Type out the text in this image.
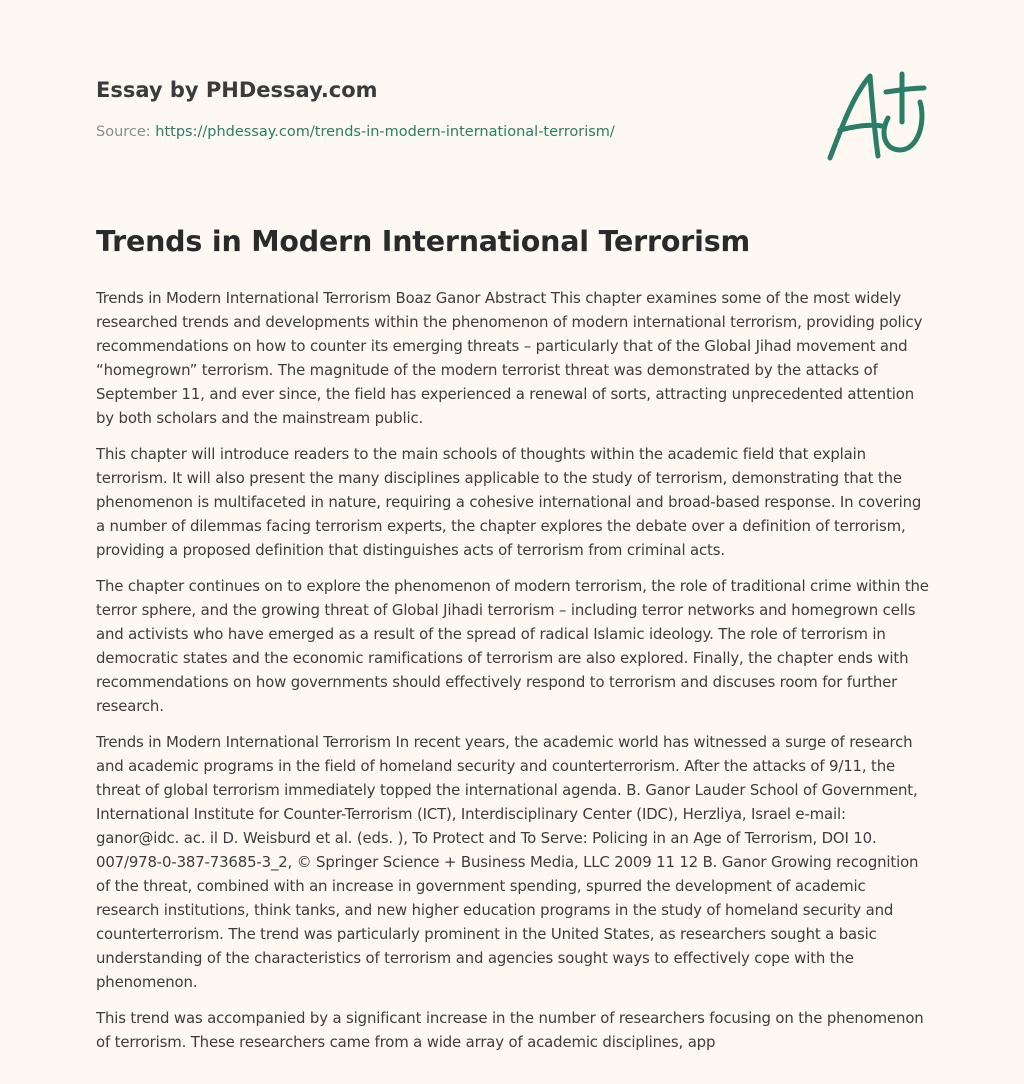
Essay by PHDessay.com
Source: https://phdessay.com/trends-in-modern-international-terrorism/
Trends in Modern International Terrorism

Trends in Modern International Terrorism Boaz Ganor Abstract This chapter examines some of the most widely researched trends and developments within the phenomenon of modern international terrorism, providing policy recommendations on how to counter its emerging threats – particularly that of the Global Jihad movement and “homegrown” terrorism. The magnitude of the modern terrorist threat was demonstrated by the attacks of September 11, and ever since, the field has experienced a renewal of sorts, attracting unprecedented attention by both scholars and the mainstream public.

This chapter will introduce readers to the main schools of thoughts within the academic field that explain terrorism. It will also present the many disciplines applicable to the study of terrorism, demonstrating that the phenomenon is multifaceted in nature, requiring a cohesive international and broad-based response. In covering a number of dilemmas facing terrorism experts, the chapter explores the debate over a definition of terrorism, providing a proposed definition that distinguishes acts of terrorism from criminal acts.

The chapter continues on to explore the phenomenon of modern terrorism, the role of traditional crime within the terror sphere, and the growing threat of Global Jihadi terrorism – including terror networks and homegrown cells and activists who have emerged as a result of the spread of radical Islamic ideology. The role of terrorism in democratic states and the economic ramifications of terrorism are also explored. Finally, the chapter ends with recommendations on how governments should effectively respond to terrorism and discuses room for further research.

Trends in Modern International Terrorism In recent years, the academic world has witnessed a surge of research and academic programs in the field of homeland security and counterterrorism. After the attacks of 9/11, the threat of global terrorism immediately topped the international agenda. B. Ganor Lauder School of Government, International Institute for Counter-Terrorism (ICT), Interdisciplinary Center (IDC), Herzliya, Israel e-mail: ganor@idc. ac. il D. Weisburd et al. (eds. ), To Protect and To Serve: Policing in an Age of Terrorism, DOI 10. 007/978-0-387-73685-3_2, © Springer Science + Business Media, LLC 2009 11 12 B. Ganor Growing recognition of the threat, combined with an increase in government spending, spurred the development of academic research institutions, think tanks, and new higher education programs in the study of homeland security and counterterrorism. The trend was particularly prominent in the United States, as researchers sought a basic understanding of the characteristics of terrorism and agencies sought ways to effectively cope with the phenomenon.

This trend was accompanied by a significant increase in the number of researchers focusing on the phenomenon of terrorism. These researchers came from a wide array of academic disciplines, app
